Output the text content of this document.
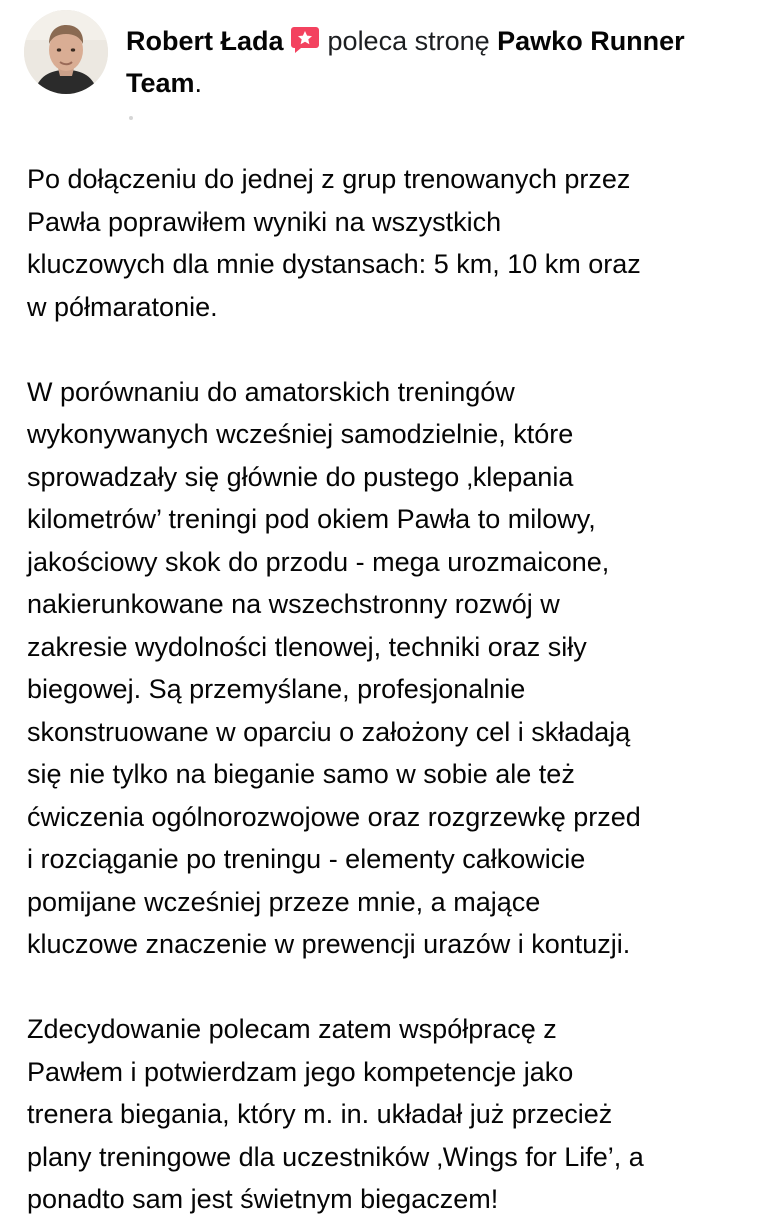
Robert Łada poleca stronę Pawko Runner Team.

Po dołączeniu do jednej z grup trenowanych przez
Pawła poprawiłem wyniki na wszystkich
kluczowych dla mnie dystansach: 5 km, 10 km oraz
w półmaratonie.

W porównaniu do amatorskich treningów
wykonywanych wcześniej samodzielnie, które
sprowadzały się głównie do pustego ‚klepania
kilometrów’ treningi pod okiem Pawła to milowy,
jakościowy skok do przodu - mega urozmaicone,
nakierunkowane na wszechstronny rozwój w
zakresie wydolności tlenowej, techniki oraz siły
biegowej. Są przemyślane, profesjonalnie
skonstruowane w oparciu o założony cel i składają
się nie tylko na bieganie samo w sobie ale też
ćwiczenia ogólnorozwojowe oraz rozgrzewkę przed
i rozciąganie po treningu - elementy całkowicie
pomijane wcześniej przeze mnie, a mające
kluczowe znaczenie w prewencji urazów i kontuzji.

Zdecydowanie polecam zatem współpracę z
Pawłem i potwierdzam jego kompetencje jako
trenera biegania, który m. in. układał już przecież
plany treningowe dla uczestników ‚Wings for Life’, a
ponadto sam jest świetnym biegaczem!
